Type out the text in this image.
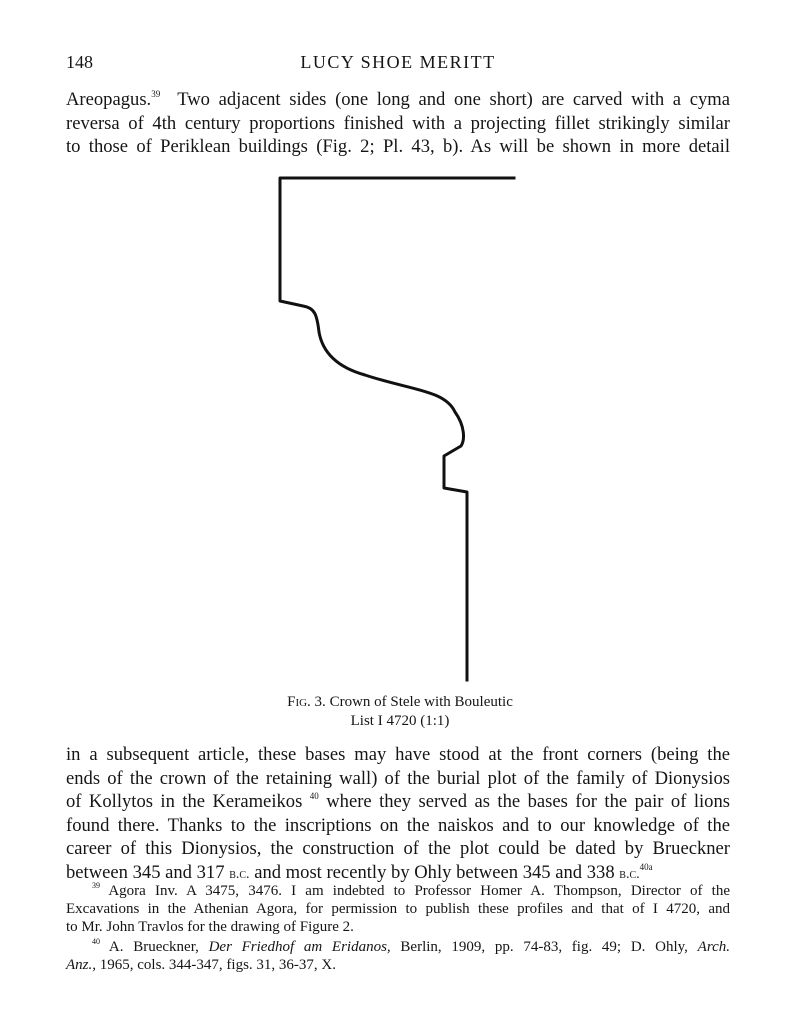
148	LUCY SHOE MERITT
Areopagus.$^{39}$ Two adjacent sides (one long and one short) are carved with a cyma
reversa of 4th century proportions finished with a projecting fillet strikingly similar
to those of Periklean buildings (Fig. 2; Pl. 43, b). As will be shown in more detail
Fig. 3. Crown of Stele with Bouleutic
List I 4720 (1:1)
in a subsequent article, these bases may have stood at the front corners (being the
ends of the crown of the retaining wall) of the burial plot of the family of Dionysios
of Kollytos in the Kerameikos $^{40}$ where they served as the bases for the pair of lions
found there. Thanks to the inscriptions on the naiskos and to our knowledge of the
career of this Dionysios, the construction of the plot could be dated by Brueckner
between 345 and 317 b.c. and most recently by Ohly between 345 and 338 b.c.$^{40a}$
$^{39}$ Agora Inv. A 3475, 3476. I am indebted to Professor Homer A. Thompson, Director of the
Excavations in the Athenian Agora, for permission to publish these profiles and that of I 4720, and
to Mr. John Travlos for the drawing of Figure 2.
$^{40}$ A. Brueckner, Der Friedhof am Eridanos, Berlin, 1909, pp. 74-83, fig. 49; D. Ohly, Arch.
Anz., 1965, cols. 344-347, figs. 31, 36-37, X.
